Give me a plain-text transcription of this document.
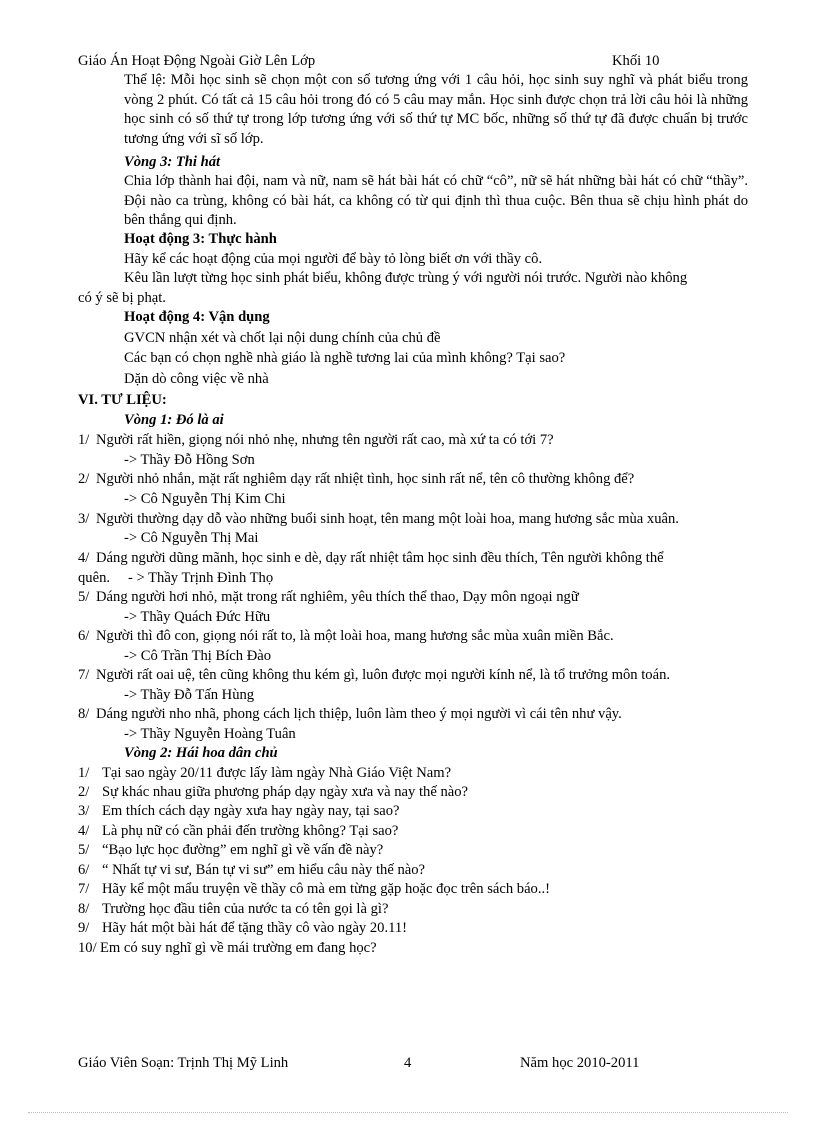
Giáo Án Hoạt Động Ngoài Giờ Lên Lớp	Khối 10
Thể lệ: Mỗi học sinh sẽ chọn một con số tương ứng với 1 câu hỏi, học sinh suy nghĩ và phát biểu trong vòng 2 phút. Có tất cả 15 câu hỏi trong đó có 5 câu may mắn. Học sinh được chọn trả lời câu hỏi là những học sinh có số thứ tự trong lớp tương ứng với số thứ tự MC bốc, những số thứ tự đã được chuẩn bị trước tương ứng với sĩ số lớp.
Vòng 3: Thi hát
Chia lớp thành hai đội, nam và nữ, nam sẽ hát bài hát có chữ “cô”, nữ sẽ hát những bài hát có chữ “thầy”. Đội nào ca trùng, không có bài hát, ca không có từ qui định thì thua cuộc. Bên thua sẽ chịu hình phát do bên thắng qui định.
Hoạt động 3: Thực hành
Hãy kể các hoạt động của mọi người để bày tỏ lòng biết ơn với thầy cô.
Kêu lần lượt từng học sinh phát biểu, không được trùng ý với người nói trước. Người nào không
có ý sẽ bị phạt.
Hoạt động 4: Vận dụng
GVCN nhận xét và chốt lại nội dung chính của chủ đề
Các bạn có chọn nghề nhà giáo là nghề tương lai của mình không? Tại sao?
Dặn dò công việc về nhà
VI. TƯ LIỆU:
Vòng 1: Đó là ai
1/ Người rất hiền, giọng nói nhỏ nhẹ, nhưng tên người rất cao, mà xứ ta có tới 7?
-> Thầy Đỗ Hồng Sơn
2/ Người nhỏ nhắn, mặt rất nghiêm dạy rất nhiệt tình, học sinh rất nể, tên cô thường không để?
-> Cô Nguyễn Thị Kim Chi
3/ Người thường dạy dỗ vào những buổi sinh hoạt, tên mang một loài hoa, mang hương sắc mùa xuân.
-> Cô Nguyễn Thị Mai
4/ Dáng người dũng mãnh, học sinh e dè, dạy rất nhiệt tâm học sinh đều thích, Tên người không thể
quên. - > Thầy Trịnh Đình Thọ
5/ Dáng người hơi nhỏ, mặt trong rất nghiêm, yêu thích thể thao, Dạy môn ngoại ngữ
-> Thầy Quách Đức Hữu
6/ Người thì đô con, giọng nói rất to, là một loài hoa, mang hương sắc mùa xuân miền Bắc.
-> Cô Trần Thị Bích Đào
7/ Người rất oai uệ, tên cũng không thu kém gì, luôn được mọi người kính nể, là tổ trưởng môn toán.
-> Thầy Đỗ Tấn Hùng
8/ Dáng người nho nhã, phong cách lịch thiệp, luôn làm theo ý mọi người vì cái tên như vậy.
-> Thầy Nguyễn Hoàng Tuân
Vòng 2: Hái hoa dân chủ
1/ Tại sao ngày 20/11 được lấy làm ngày Nhà Giáo Việt Nam?
2/ Sự khác nhau giữa phương pháp dạy ngày xưa và nay thế nào?
3/ Em thích cách dạy ngày xưa hay ngày nay, tại sao?
4/ Là phụ nữ có cần phải đến trường không? Tại sao?
5/ “Bạo lực học đường” em nghĩ gì về vấn đề này?
6/ “ Nhất tự vi sư, Bán tự vi sư” em hiểu câu này thế nào?
7/ Hãy kể một mẩu truyện về thầy cô mà em từng gặp hoặc đọc trên sách báo..!
8/ Trường học đầu tiên của nước ta có tên gọi là gì?
9/ Hãy hát một bài hát để tặng thầy cô vào ngày 20.11!
10/ Em có suy nghĩ gì về mái trường em đang học?
Giáo Viên Soạn: Trịnh Thị Mỹ Linh	4	Năm học 2010-2011
